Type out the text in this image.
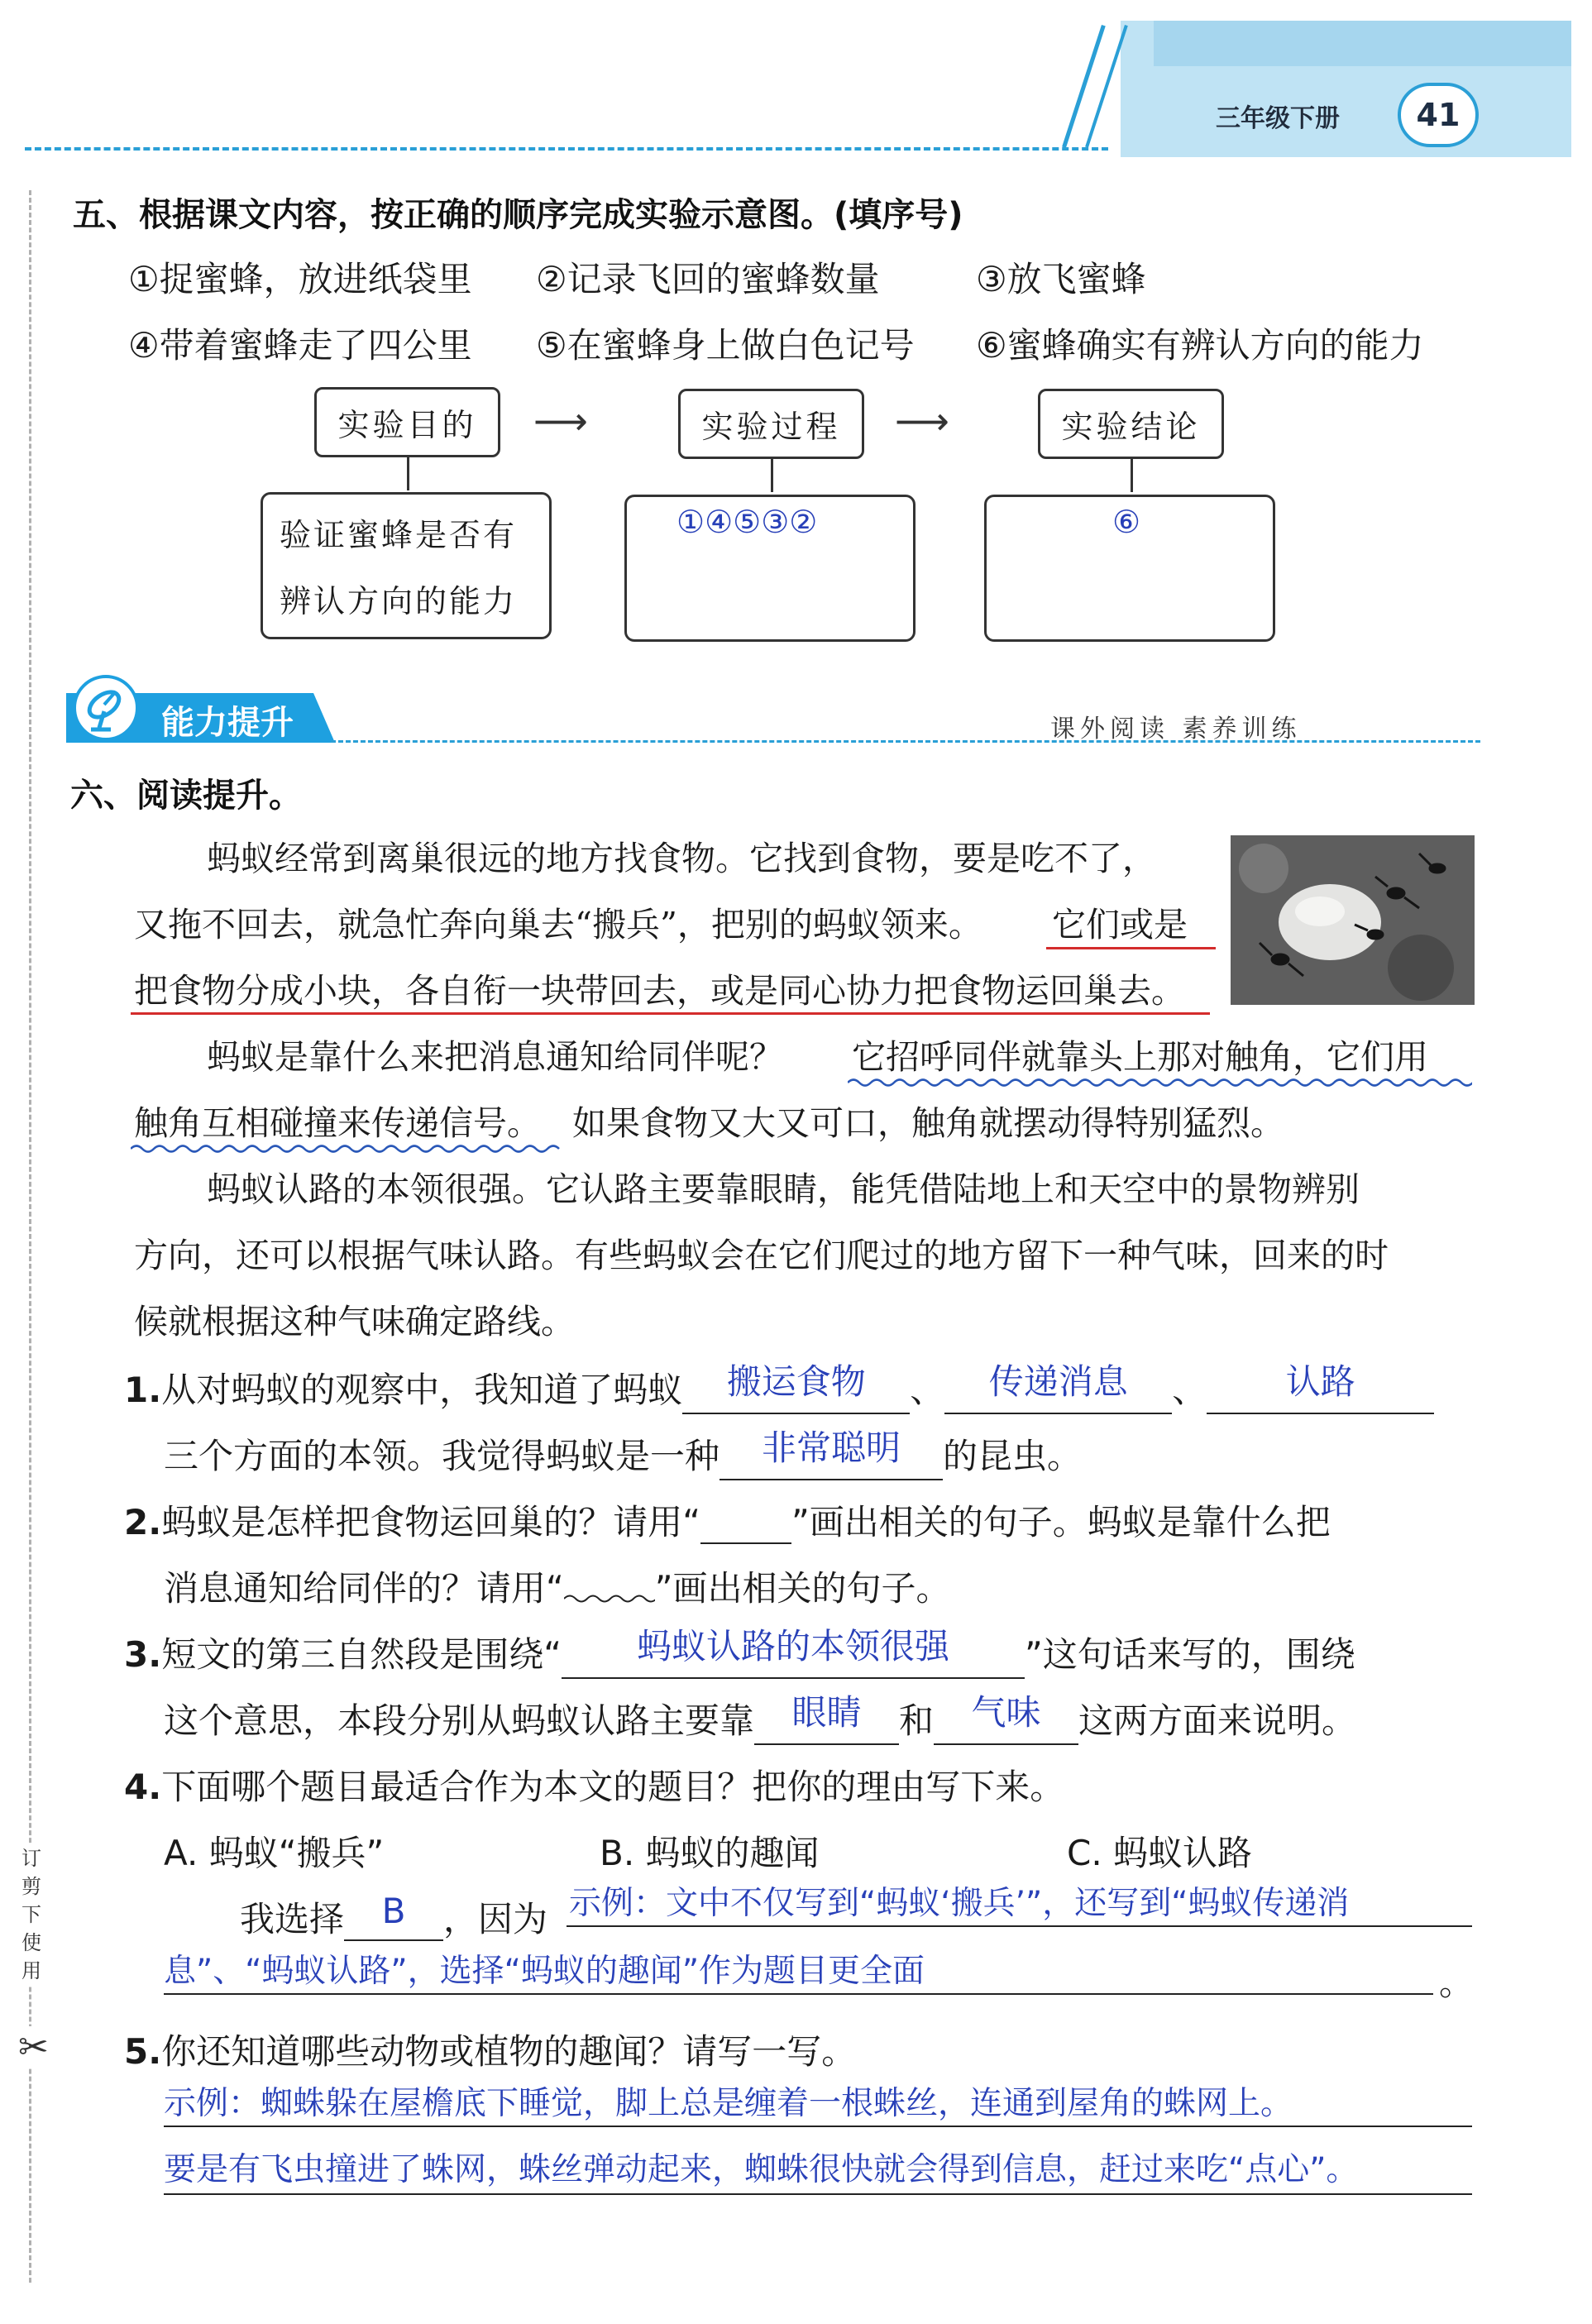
三年级下册	41
订
剪
下
使
用
✂
五、根据课文内容，按正确的顺序完成实验示意图。(填序号)
①捉蜜蜂，放进纸袋里 ②记录飞回的蜜蜂数量	③放飞蜜蜂
④带着蜜蜂走了四公里 ⑤在蜜蜂身上做白色记号 ⑥蜜蜂确实有辨认方向的能力
实验目的	实验过程	实验结论
⟶	⟶
验证蜜蜂是否有
辨认方向的能力
①④⑤③②	⑥
能力提升	课外阅读 素养训练
六、阅读提升。
蚂蚁经常到离巢很远的地方找食物。它找到食物，要是吃不了，
又拖不回去，就急忙奔向巢去“搬兵”，把别的蚂蚁领来。 它们或是
把食物分成小块，各自衔一块带回去，或是同心协力把食物运回巢去。
蚂蚁是靠什么来把消息通知给同伴呢？ 它招呼同伴就靠头上那对触角，它们用
触角互相碰撞来传递信号。 如果食物又大又可口，触角就摆动得特别猛烈。
蚂蚁认路的本领很强。它认路主要靠眼睛，能凭借陆地上和天空中的景物辨别
方向，还可以根据气味认路。有些蚂蚁会在它们爬过的地方留下一种气味，回来的时
候就根据这种气味确定路线。
1.从对蚂蚁的观察中，我知道了蚂蚁 搬运食物 、 传递消息 、 认路
三个方面的本领。我觉得蚂蚁是一种 非常聪明 的昆虫。
2.蚂蚁是怎样把食物运回巢的？请用“	”画出相关的句子。蚂蚁是靠什么把
消息通知给同伴的？请用“	”画出相关的句子。
3.短文的第三自然段是围绕“ 蚂蚁认路的本领很强 ”这句话来写的，围绕
这个意思，本段分别从蚂蚁认路主要靠 眼睛 和 气味 这两方面来说明。
4.下面哪个题目最适合作为本文的题目？把你的理由写下来。
A. 蚂蚁“搬兵”	B. 蚂蚁的趣闻	C. 蚂蚁认路
我选择 B ，因为 示例：文中不仅写到“蚂蚁‘搬兵’”，还写到“蚂蚁传递消
息”、“蚂蚁认路”，选择“蚂蚁的趣闻”作为题目更全面	。
5.你还知道哪些动物或植物的趣闻？请写一写。
示例：蜘蛛躲在屋檐底下睡觉，脚上总是缠着一根蛛丝，连通到屋角的蛛网上。
要是有飞虫撞进了蛛网，蛛丝弹动起来，蜘蛛很快就会得到信息，赶过来吃“点心”。
